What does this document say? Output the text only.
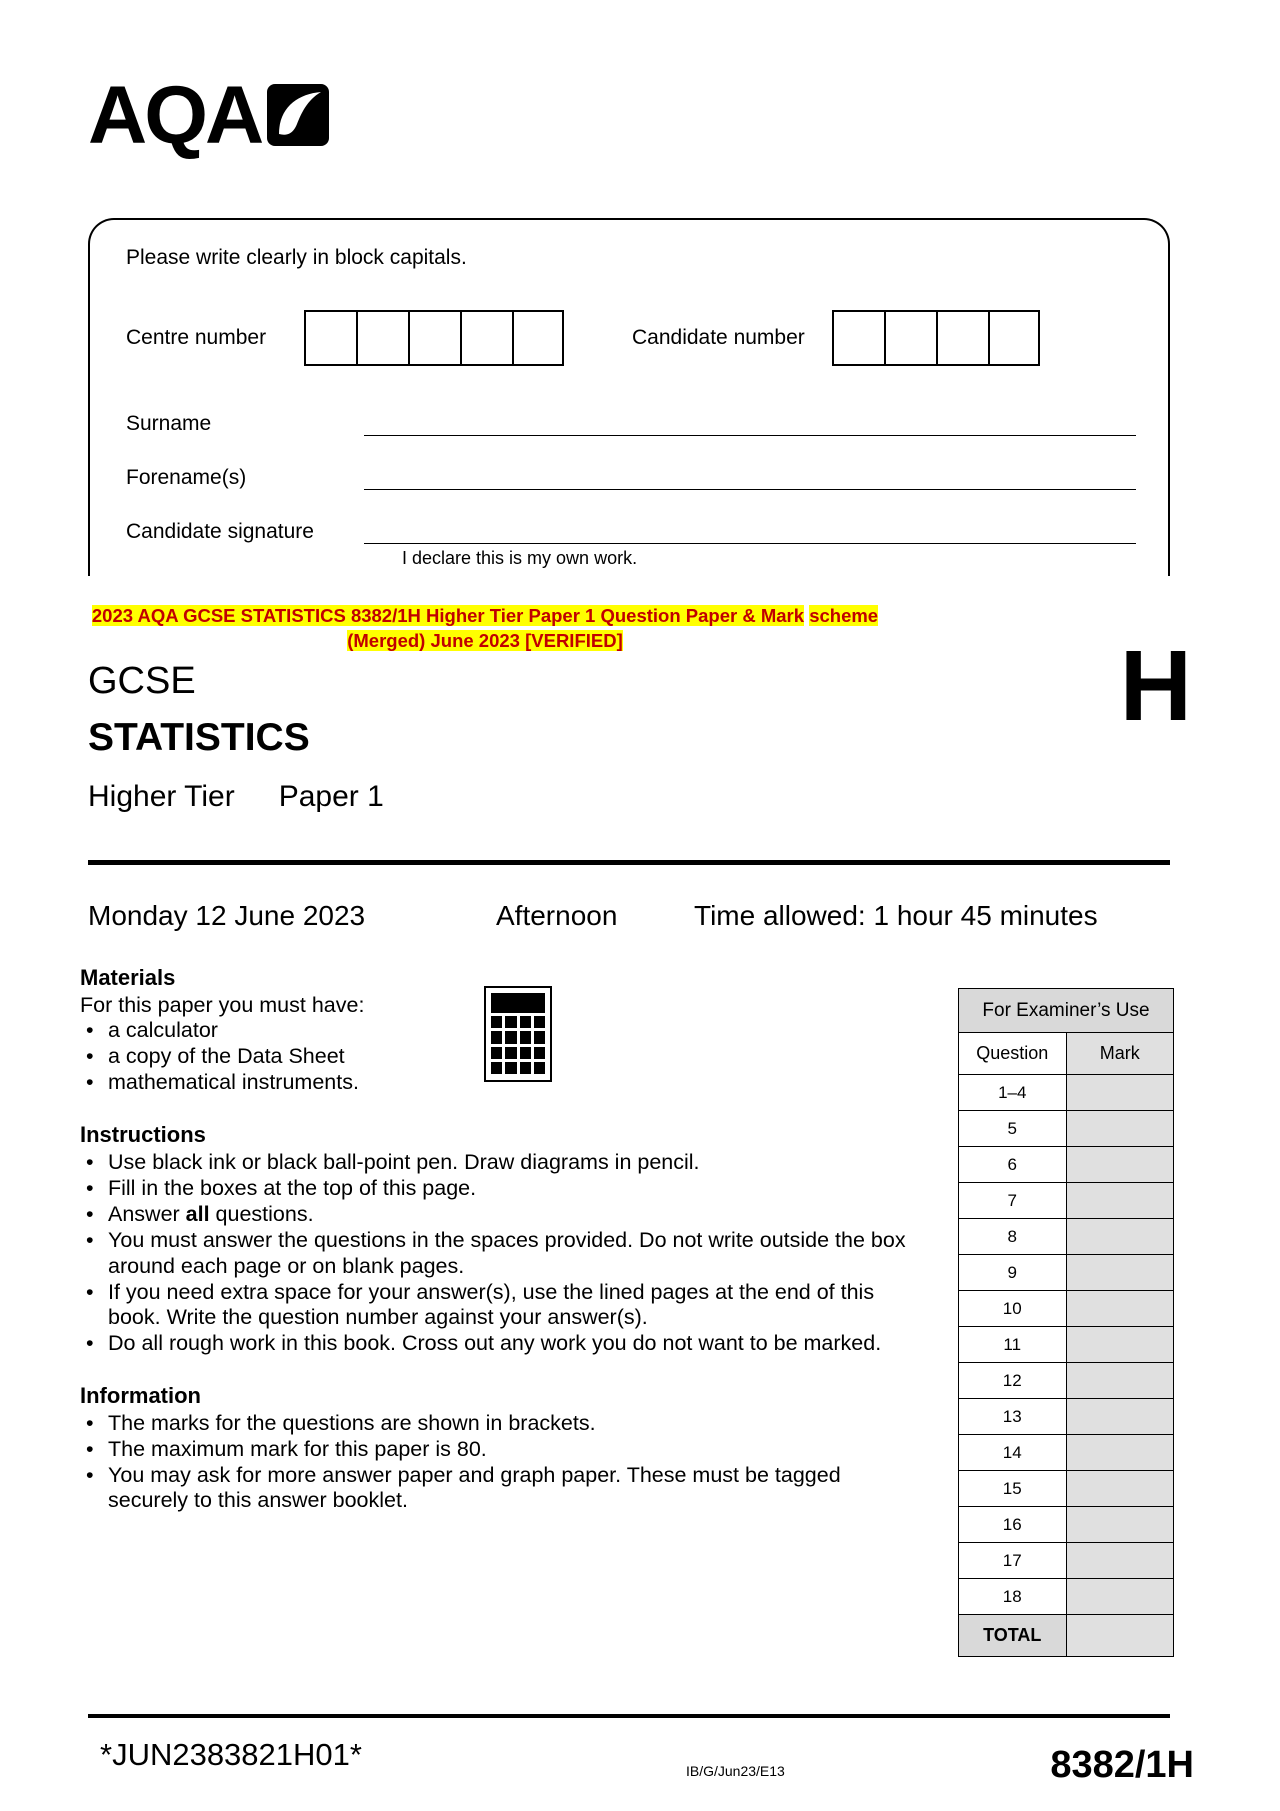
AQA
Please write clearly in block capitals.
Centre number	Candidate number
Surname
Forename(s)
Candidate signature
I declare this is my own work.
2023 AQA GCSE STATISTICS 8382/1H Higher Tier Paper 1 Question Paper & Mark scheme (Merged) June 2023 [VERIFIED]
GCSE
STATISTICS
Higher Tier Paper 1
H
Monday 12 June 2023	Afternoon	Time allowed: 1 hour 45 minutes
Materials
For this paper you must have:
• a calculator
• a copy of the Data Sheet
• mathematical instruments.
Instructions
• Use black ink or black ball-point pen. Draw diagrams in pencil.
• Fill in the boxes at the top of this page.
• Answer all questions.
• You must answer the questions in the spaces provided. Do not write outside the box around each page or on blank pages.
• If you need extra space for your answer(s), use the lined pages at the end of this book. Write the question number against your answer(s).
• Do all rough work in this book. Cross out any work you do not want to be marked.
Information
• The marks for the questions are shown in brackets.
• The maximum mark for this paper is 80.
• You may ask for more answer paper and graph paper. These must be tagged securely to this answer booklet.
For Examiner’s Use	
Question	Mark
1–4	
5	
6	
7	
8	
9	
10	
11	
12	
13	
14	
15	
16	
17	
18	
TOTAL	
*JUN2383821H01*	IB/G/Jun23/E13	8382/1H
